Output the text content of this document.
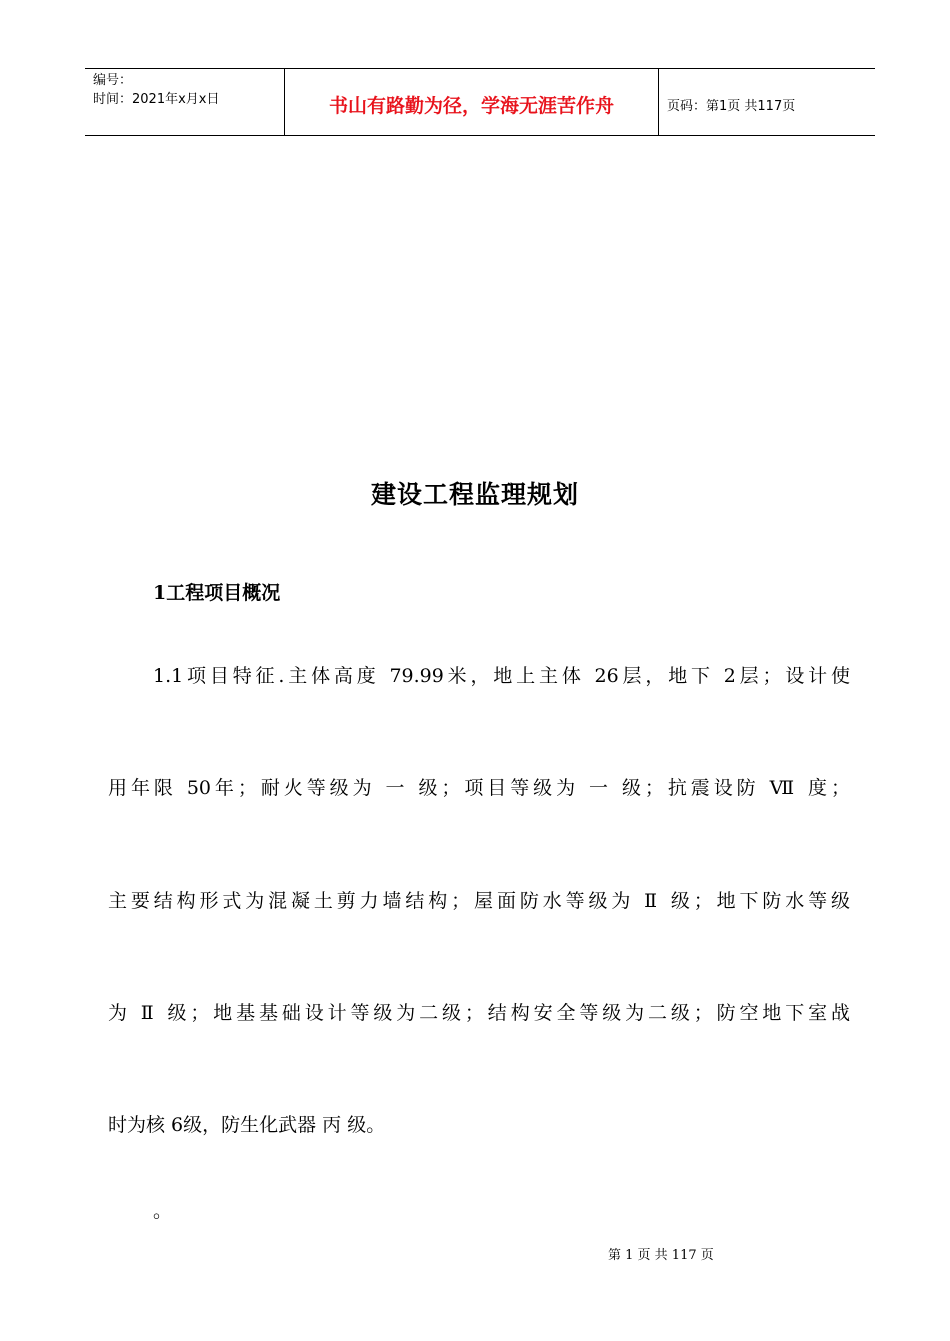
编号：
时间：2021年x月x日	书山有路勤为径，学海无涯苦作舟	页码：第1页 共117页
建设工程监理规划
1工程项目概况
1.1项目特征.主体高度 79.99米，地上主体 26层，地下 2层；设计使
用年限 50年；耐火等级为 一 级；项目等级为 一 级；抗震设防 Ⅶ 度；
主要结构形式为混凝土剪力墙结构；屋面防水等级为 Ⅱ 级；地下防水等级
为 Ⅱ 级；地基基础设计等级为二级；结构安全等级为二级；防空地下室战
时为核 6级，防生化武器 丙 级。
。
第 1 页 共 117 页
